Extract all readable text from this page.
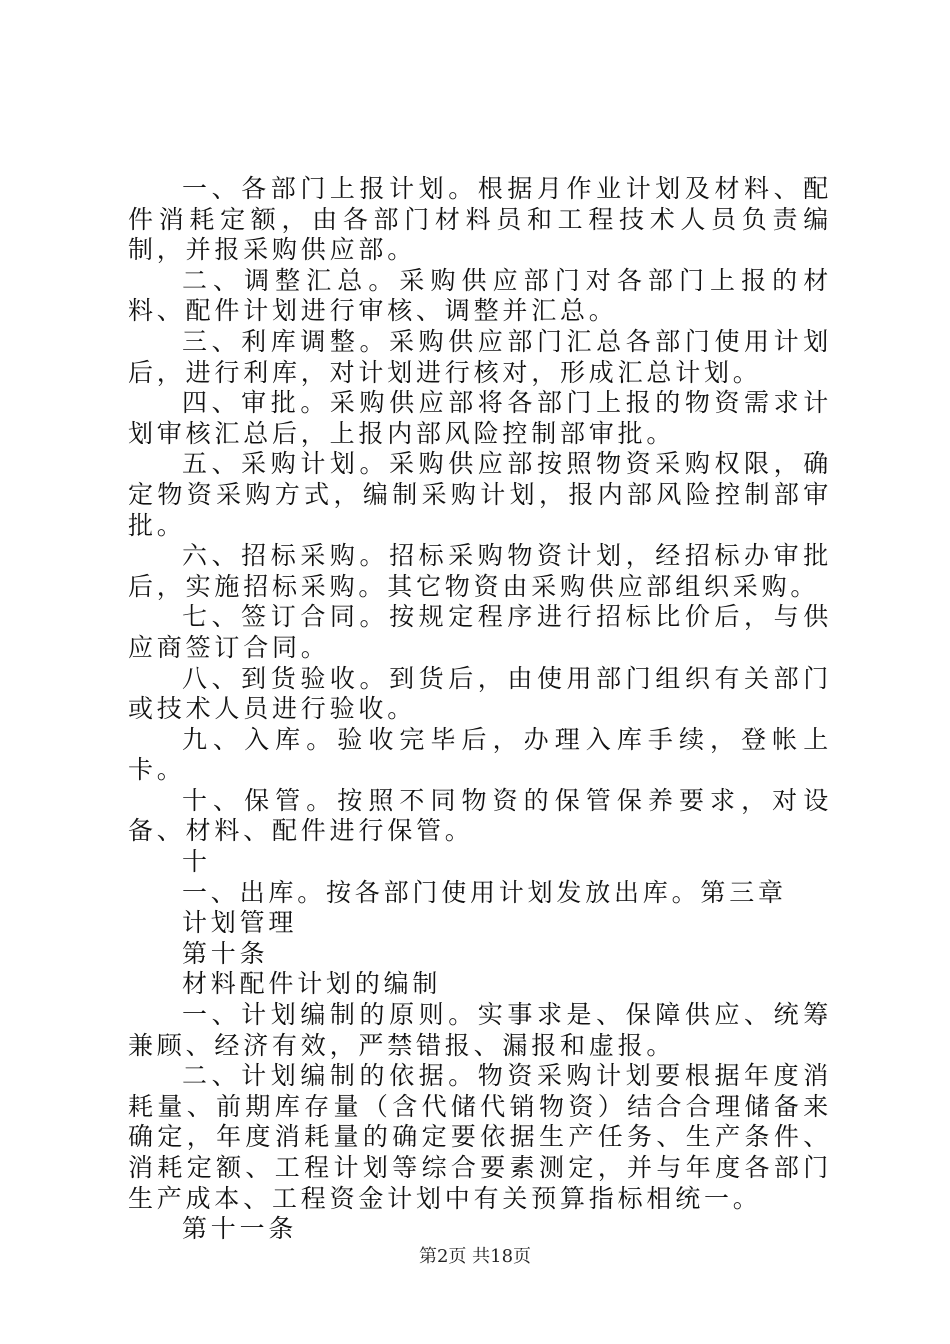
一、各部门上报计划。根据月作业计划及材料、配件消耗定额，由各部门材料员和工程技术人员负责编制，并报采购供应部。

二、调整汇总。采购供应部门对各部门上报的材料、配件计划进行审核、调整并汇总。

三、利库调整。采购供应部门汇总各部门使用计划后，进行利库，对计划进行核对，形成汇总计划。

四、审批。采购供应部将各部门上报的物资需求计划审核汇总后，上报内部风险控制部审批。

五、采购计划。采购供应部按照物资采购权限，确定物资采购方式，编制采购计划，报内部风险控制部审批。

六、招标采购。招标采购物资计划，经招标办审批后，实施招标采购。其它物资由采购供应部组织采购。

七、签订合同。按规定程序进行招标比价后，与供应商签订合同。

八、到货验收。到货后，由使用部门组织有关部门或技术人员进行验收。

九、入库。验收完毕后，办理入库手续，登帐上卡。

十、保管。按照不同物资的保管保养要求，对设备、材料、配件进行保管。

十

一、出库。按各部门使用计划发放出库。第三章

计划管理

第十条

材料配件计划的编制

一、计划编制的原则。实事求是、保障供应、统筹兼顾、经济有效，严禁错报、漏报和虚报。

二、计划编制的依据。物资采购计划要根据年度消耗量、前期库存量（含代储代销物资）结合合理储备来确定，年度消耗量的确定要依据生产任务、生产条件、消耗定额、工程计划等综合要素测定，并与年度各部门生产成本、工程资金计划中有关预算指标相统一。

第十一条

第2页 共18页
